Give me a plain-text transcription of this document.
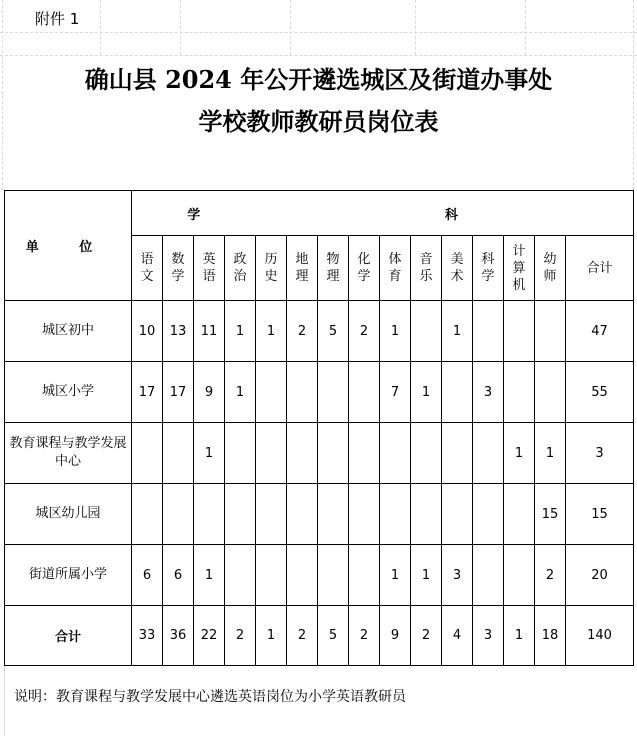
附件 1
确山县 2024 年公开遴选城区及街道办事处
学校教师教研员岗位表
单 位	学 科														

	语文	数学	英语	政治	历史	地理	物理	化学	体育	音乐	美术	科学	计算机	幼师	合计
城区初中	10	13	11	1	1	2	5	2	1		1				47
城区小学	17	17	9	1					7	1		3			55
教育课程与教学发展中心			1										1	1	3
城区幼儿园														15	15
街道所属小学	6	6	1						1	1	3			2	20
合计	33	36	22	2	1	2	5	2	9	2	4	3	1	18	140
说明：教育课程与教学发展中心遴选英语岗位为小学英语教研员
